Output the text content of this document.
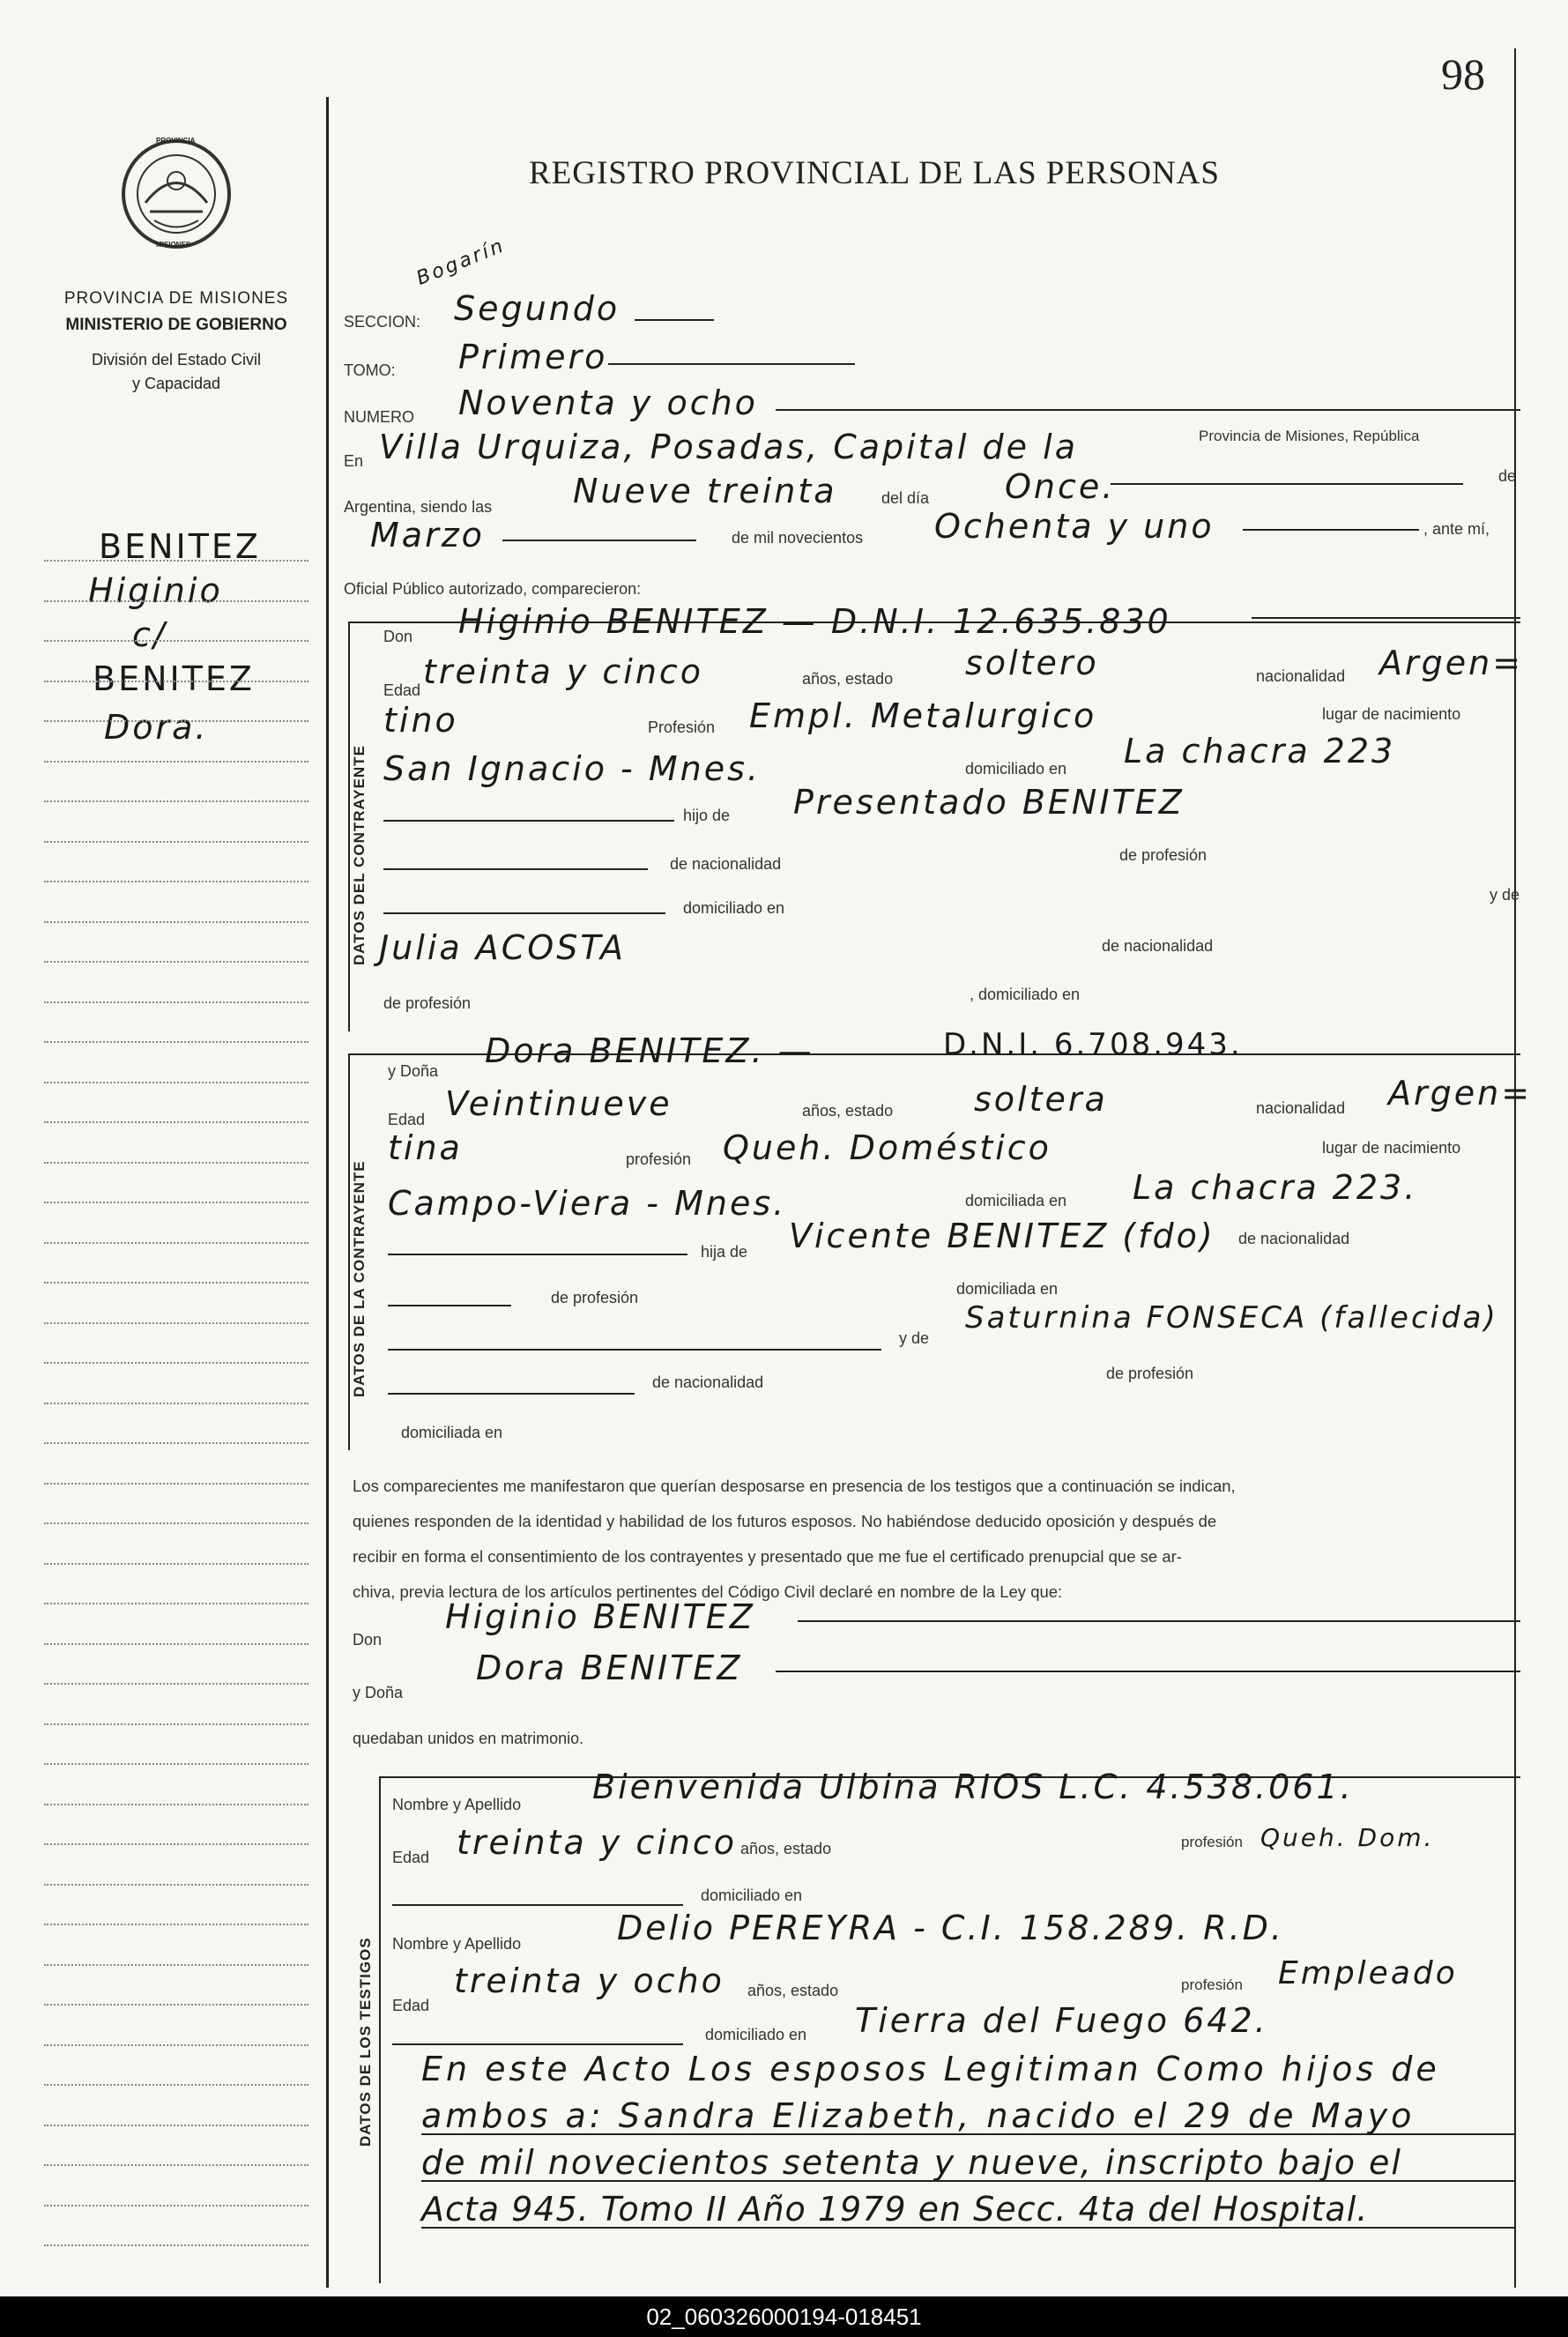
98
PROVINCIA
MISIONES
PROVINCIA DE MISIONES
MINISTERIO DE GOBIERNO
División del Estado Civil
y Capacidad
BENITEZ
Higinio
c/
BENITEZ
Dora.
REGISTRO PROVINCIAL DE LAS PERSONAS
Bogarín
SECCION: Segundo
TOMO: Primero
NUMERO Noventa y ocho
En Villa Urquiza, Posadas, Capital de la	Provincia de Misiones, República
Argentina, siendo las Nueve treinta	del día Once.	de
Marzo	de mil novecientos Ochenta y uno	, ante mí,
Oficial Público autorizado, comparecieron:
DATOS DEL CONTRAYENTE
Don Higinio BENITEZ — D.N.I. 12.635.830
Edad treinta y cinco	años, estado soltero	nacionalidad Argen=
tino	Profesión Empl. Metalurgico	lugar de nacimiento
San Ignacio - Mnes.	domiciliado en La chacra 223
hijo de Presentado BENITEZ
de nacionalidad	de profesión
domiciliado en
y de
Julia ACOSTA	de nacionalidad
de profesión	, domiciliado en
DATOS DE LA CONTRAYENTE
y Doña
Dora BENITEZ. —	D.N.I. 6.708.943.
Edad Veintinueve	años, estado soltera	nacionalidad Argen=
tina	profesión Queh. Doméstico	lugar de nacimiento
Campo-Viera - Mnes.	domiciliada en La chacra 223.
hija de Vicente BENITEZ (fdo) de nacionalidad
de profesión	domiciliada en
y de
Saturnina FONSECA (fallecida)
de nacionalidad	de profesión
domiciliada en
Los comparecientes me manifestaron que querían desposarse en presencia de los testigos que a continuación se indican,
quienes responden de la identidad y habilidad de los futuros esposos. No habiéndose deducido oposición y después de
recibir en forma el consentimiento de los contrayentes y presentado que me fue el certificado prenupcial que se ar-
chiva, previa lectura de los artículos pertinentes del Código Civil declaré en nombre de la Ley que:
Don
Higinio BENITEZ
y Doña
Dora BENITEZ
quedaban unidos en matrimonio.
DATOS DE LOS TESTIGOS
Nombre y Apellido Bienvenida Ulbina RIOS L.C. 4.538.061.
Edad treinta y cinco años, estado	profesión Queh. Dom.
domiciliado en
Nombre y Apellido	Delio PEREYRA - C.I. 158.289. R.D.
Edad
treinta y ocho años, estado	profesión Empleado
domiciliado en Tierra del Fuego 642.
En este Acto Los esposos Legitiman Como hijos de
ambos a: Sandra Elizabeth, nacido el 29 de Mayo
de mil novecientos setenta y nueve, inscripto bajo el
Acta 945. Tomo II Año 1979 en Secc. 4ta del Hospital.
02_060326000194-018451
